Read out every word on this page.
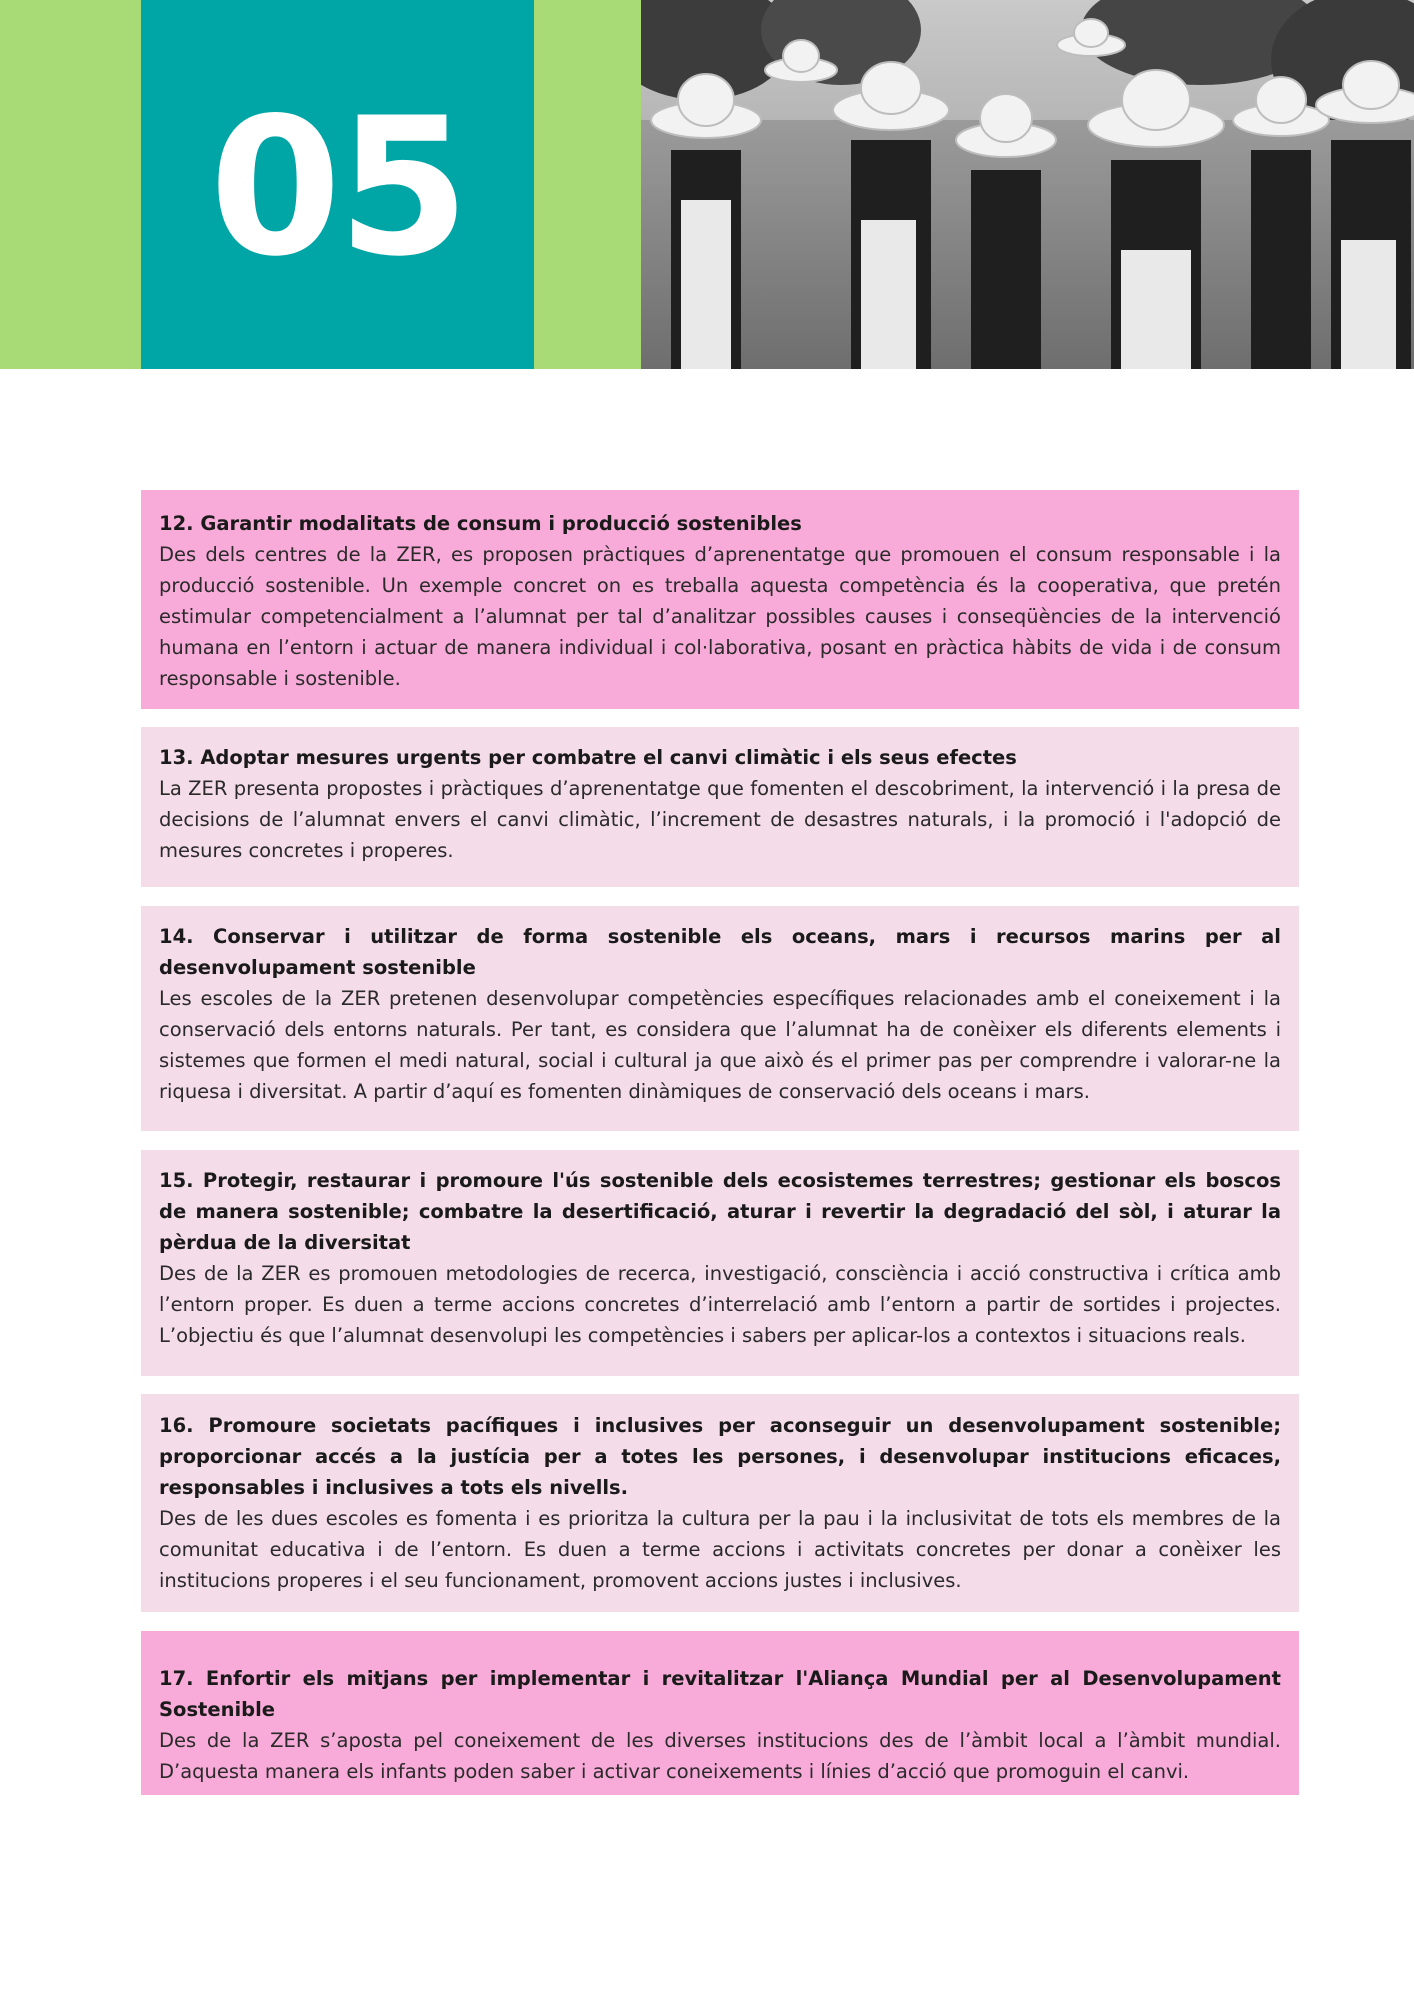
05

12. Garantir modalitats de consum i producció sostenibles

Des dels centres de la ZER, es proposen pràctiques d’aprenentatge que promouen el consum responsable i la producció sostenible. Un exemple concret on es treballa aquesta competència és la cooperativa, que pretén estimular competencialment a l’alumnat per tal d’analitzar possibles causes i conseqüències de la intervenció humana en l’entorn i actuar de manera individual i col·laborativa, posant en pràctica hàbits de vida i de consum responsable i sostenible.

13. Adoptar mesures urgents per combatre el canvi climàtic i els seus efectes

La ZER presenta propostes i pràctiques d’aprenentatge que fomenten el descobriment, la intervenció i la presa de decisions de l’alumnat envers el canvi climàtic, l’increment de desastres naturals, i la promoció i l'adopció de mesures concretes i properes.

14. Conservar i utilitzar de forma sostenible els oceans, mars i recursos marins per al desenvolupament sostenible

Les escoles de la ZER pretenen desenvolupar competències específiques relacionades amb el coneixement i la conservació dels entorns naturals. Per tant, es considera que l’alumnat ha de conèixer els diferents elements i sistemes que formen el medi natural, social i cultural ja que això és el primer pas per comprendre i valorar-ne la riquesa i diversitat. A partir d’aquí es fomenten dinàmiques de conservació dels oceans i mars.

15. Protegir, restaurar i promoure l'ús sostenible dels ecosistemes terrestres; gestionar els boscos de manera sostenible; combatre la desertificació, aturar i revertir la degradació del sòl, i aturar la pèrdua de la diversitat

Des de la ZER es promouen metodologies de recerca, investigació, consciència i acció constructiva i crítica amb l’entorn proper. Es duen a terme accions concretes d’interrelació amb l’entorn a partir de sortides i projectes. L’objectiu és que l’alumnat desenvolupi les competències i sabers per aplicar-los a contextos i situacions reals.

16. Promoure societats pacífiques i inclusives per aconseguir un desenvolupament sostenible; proporcionar accés a la justícia per a totes les persones, i desenvolupar institucions eficaces, responsables i inclusives a tots els nivells.

Des de les dues escoles es fomenta i es prioritza la cultura per la pau i la inclusivitat de tots els membres de la comunitat educativa i de l’entorn. Es duen a terme accions i activitats concretes per donar a conèixer les institucions properes i el seu funcionament, promovent accions justes i inclusives.

17. Enfortir els mitjans per implementar i revitalitzar l'Aliança Mundial per al Desenvolupament Sostenible

Des de la ZER s’aposta pel coneixement de les diverses institucions des de l’àmbit local a l’àmbit mundial. D’aquesta manera els infants poden saber i activar coneixements i línies d’acció que promoguin el canvi.
